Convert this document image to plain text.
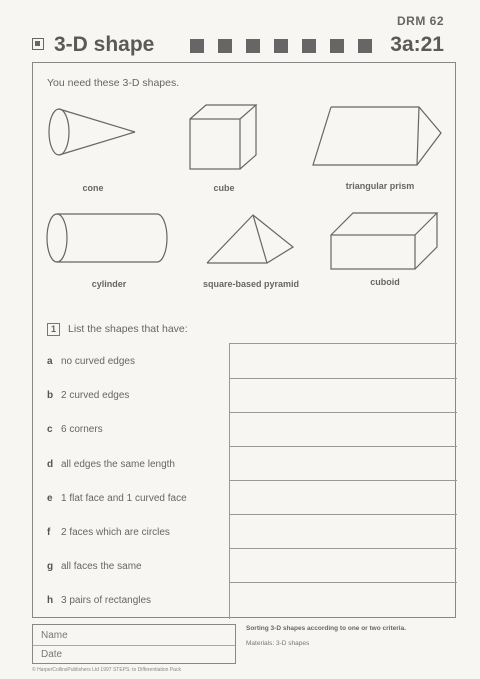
DRM 62
3-D shape	3a:21
You need these 3-D shapes.
cone	cube	triangular prism
cylinder	square-based pyramid	cuboid
1 List the shapes that have:
a no curved edges
b 2 curved edges
c 6 corners
d all edges the same length
e 1 flat face and 1 curved face
f 2 faces which are circles
g all faces the same
h 3 pairs of rectangles
Name
Date
Sorting 3-D shapes according to one or two criteria.
Materials: 3-D shapes
© HarperCollinsPublishers Ltd 1997 STEPS: to Differentiation Pack
